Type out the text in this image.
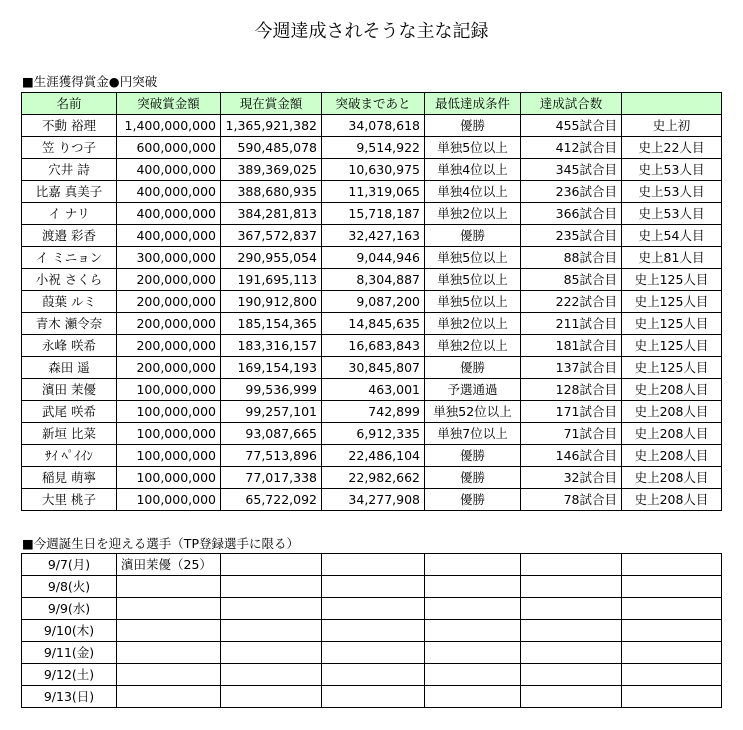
今週達成されそうな主な記録
■生涯獲得賞金●円突破
名前	突破賞金額	現在賞金額	突破まであと	最低達成条件	達成試合数	
不動 裕理	1,400,000,000	1,365,921,382	34,078,618	優勝	455試合目	史上初
笠 りつ子	600,000,000	590,485,078	9,514,922	単独5位以上	412試合目	史上22人目
穴井 詩	400,000,000	389,369,025	10,630,975	単独4位以上	345試合目	史上53人目
比嘉 真美子	400,000,000	388,680,935	11,319,065	単独4位以上	236試合目	史上53人目
イ ナリ	400,000,000	384,281,813	15,718,187	単独2位以上	366試合目	史上53人目
渡邉 彩香	400,000,000	367,572,837	32,427,163	優勝	235試合目	史上54人目
イ ミニョン	300,000,000	290,955,054	9,044,946	単独5位以上	88試合目	史上81人目
小祝 さくら	200,000,000	191,695,113	8,304,887	単独5位以上	85試合目	史上125人目
葭葉 ルミ	200,000,000	190,912,800	9,087,200	単独5位以上	222試合目	史上125人目
青木 瀬令奈	200,000,000	185,154,365	14,845,635	単独2位以上	211試合目	史上125人目
永峰 咲希	200,000,000	183,316,157	16,683,843	単独2位以上	181試合目	史上125人目
森田 遥	200,000,000	169,154,193	30,845,807	優勝	137試合目	史上125人目
濱田 茉優	100,000,000	99,536,999	463,001	予選通過	128試合目	史上208人目
武尾 咲希	100,000,000	99,257,101	742,899	単独52位以上	171試合目	史上208人目
新垣 比菜	100,000,000	93,087,665	6,912,335	単独7位以上	71試合目	史上208人目
ｻｲ ﾍﾟｲｲﾝ	100,000,000	77,513,896	22,486,104	優勝	146試合目	史上208人目
稲見 萌寧	100,000,000	77,017,338	22,982,662	優勝	32試合目	史上208人目
大里 桃子	100,000,000	65,722,092	34,277,908	優勝	78試合目	史上208人目
■今週誕生日を迎える選手（TP登録選手に限る）
9/7(月)	濱田茉優（25）					
9/8(火)						
9/9(水)						
9/10(木)						
9/11(金)						
9/12(土)						
9/13(日)						
